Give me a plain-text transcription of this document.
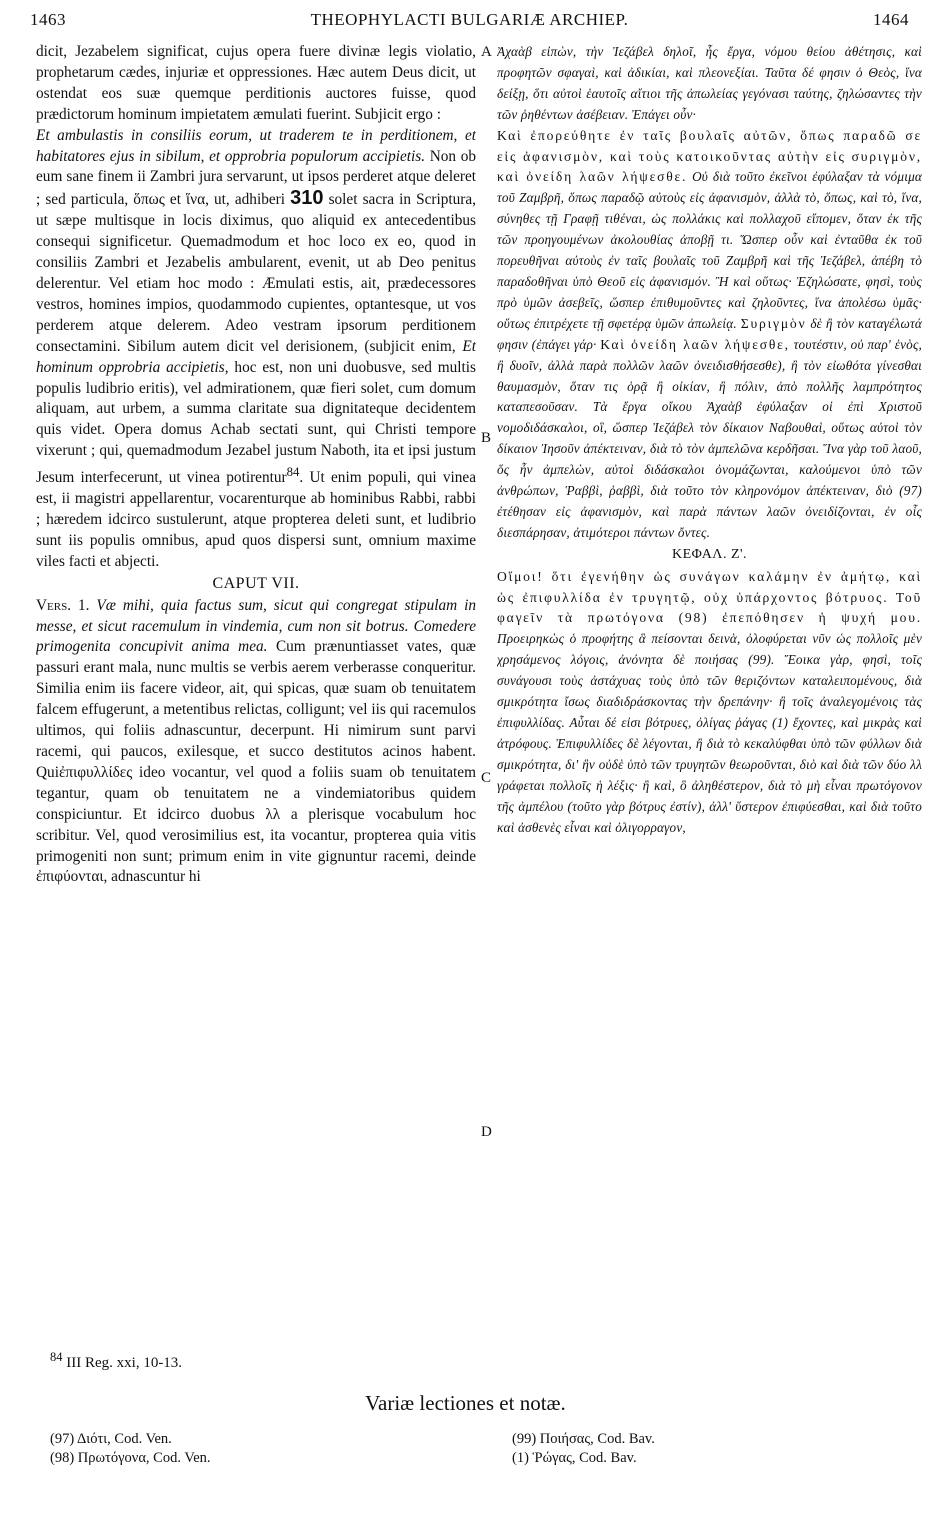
1463	THEOPHYLACTI BULGARIÆ ARCHIEP.	1464

dicit, Jezabelem significat, cujus opera fuere divinæ legis violatio, prophetarum cædes, injuriæ et oppressiones. Hæc autem Deus dicit, ut ostendat eos suæ quemque perditionis auctores fuisse, quod prædictorum hominum impietatem æmulati fuerint. Subjicit ergo :

Et ambulastis in consiliis eorum, ut traderem te in perditionem, et habitatores ejus in sibilum, et opprobria populorum accipietis. Non ob eum sane finem ii Zambri jura servarunt, ut ipsos perderet atque deleret ; sed particula, ὅπως et ἵνα, ut, adhiberi 310 solet sacra in Scriptura, ut sæpe multisque in locis diximus, quo aliquid ex antecedentibus consequi significetur. Quemadmodum et hoc loco ex eo, quod in consiliis Zambri et Jezabelis ambularent, evenit, ut ab Deo penitus delerentur. Vel etiam hoc modo : Æmulati estis, ait, prædecessores vestros, homines impios, quodammodo cupientes, optantesque, ut vos perderem atque delerem. Adeo vestram ipsorum perditionem consectamini. Sibilum autem dicit vel derisionem, (subjicit enim, Et hominum opprobria accipietis, hoc est, non uni duobusve, sed multis populis ludibrio eritis), vel admirationem, quæ fieri solet, cum domum aliquam, aut urbem, a summa claritate sua dignitateque decidentem quis videt. Opera domus Achab sectati sunt, qui Christi tempore vixerunt ; qui, quemadmodum Jezabel justum Naboth, ita et ipsi justum Jesum interfecerunt, ut vinea potirentur$^{84}$. Ut enim populi, qui vinea est, ii magistri appellarentur, vocarenturque ab hominibus Rabbi, rabbi ; hæredem idcirco sustulerunt, atque propterea deleti sunt, et ludibrio sunt iis populis omnibus, apud quos dispersi sunt, omnium maxime viles facti et abjecti.

CAPUT VII.

Vers. 1. Væ mihi, quia factus sum, sicut qui congregat stipulam in messe, et sicut racemulum in vindemia, cum non sit botrus. Comedere primogenita concupivit anima mea. Cum prænuntiasset vates, quæ passuri erant mala, nunc multis se verbis aerem verberasse conqueritur. Similia enim iis facere videor, ait, qui spicas, quæ suam ob tenuitatem falcem effugerunt, a metentibus relictas, colligunt; vel iis qui racemulos ultimos, qui foliis adnascuntur, decerpunt. Hi nimirum sunt parvi racemi, qui paucos, exilesque, et succo destitutos acinos habent. Quiἐπιφυλλίδες ideo vocantur, vel quod a foliis suam ob tenuitatem tegantur, quam ob tenuitatem ne a vindemiatoribus quidem conspiciuntur. Et idcirco duobus λλ a plerisque vocabulum hoc scribitur. Vel, quod verosimilius est, ita vocantur, propterea quia vitis primogeniti non sunt; primum enim in vite gignuntur racemi, deinde ἐπιφύονται, adnascuntur hi

A
B
C
D

Ἀχαὰβ εἰπὼν, τὴν Ἰεζάβελ δηλοῖ, ἧς ἔργα, νόμου θείου ἀθέτησις, καὶ προφητῶν σφαγαὶ, καὶ ἀδικίαι, καὶ πλεονεξίαι. Ταῦτα δέ φησιν ὁ Θεὸς, ἵνα δείξῃ, ὅτι αὐτοὶ ἑαυτοῖς αἴτιοι τῆς ἀπωλείας γεγόνασι ταύτης, ζηλώσαντες τὴν τῶν ῥηθέντων ἀσέβειαν. Ἐπάγει οὖν·

Καὶ ἐπορεύθητε ἐν ταῖς βουλαῖς αὐτῶν, ὅπως παραδῶ σε εἰς ἀφανισμὸν, καὶ τοὺς κατοικοῦντας αὐτὴν εἰς συριγμὸν, καὶ ὀνείδη λαῶν λήψεσθε. Οὐ διὰ τοῦτο ἐκεῖνοι ἐφύλαξαν τὰ νόμιμα τοῦ Ζαμβρῆ, ὅπως παραδῷ αὐτοὺς εἰς ἀφανισμὸν, ἀλλὰ τὸ, ὅπως, καὶ τὸ, ἵνα, σύνηθες τῇ Γραφῇ τιθέναι, ὡς πολλάκις καὶ πολλαχοῦ εἴπομεν, ὅταν ἐκ τῆς τῶν προηγουμένων ἀκολουθίας ἀποβῇ τι. Ὥσπερ οὖν καὶ ἐνταῦθα ἐκ τοῦ πορευθῆναι αὐτοὺς ἐν ταῖς βουλαῖς τοῦ Ζαμβρῆ καὶ τῆς Ἰεζάβελ, ἀπέβη τὸ παραδοθῆναι ὑπὸ Θεοῦ εἰς ἀφανισμόν. Ἢ καὶ οὕτως· Ἐζηλώσατε, φησὶ, τοὺς πρὸ ὑμῶν ἀσεβεῖς, ὥσπερ ἐπιθυμοῦντες καὶ ζηλοῦντες, ἵνα ἀπολέσω ὑμᾶς· οὕτως ἐπιτρέχετε τῇ σφετέρᾳ ὑμῶν ἀπωλείᾳ. Συριγμὸν δὲ ἢ τὸν καταγέλωτά φησιν (ἐπάγει γάρ· Καὶ ὀνείδη λαῶν λήψεσθε, τουτέστιν, οὐ παρ' ἑνὸς, ἢ δυοῖν, ἀλλὰ παρὰ πολλῶν λαῶν ὀνειδισθήσεσθε), ἢ τὸν εἰωθότα γίνεσθαι θαυμασμὸν, ὅταν τις ὁρᾷ ἢ οἰκίαν, ἢ πόλιν, ἀπὸ πολλῆς λαμπρότητος καταπεσοῦσαν. Τὰ ἔργα οἴκου Ἀχαὰβ ἐφύλαξαν οἱ ἐπὶ Χριστοῦ νομοδιδάσκαλοι, οἳ, ὥσπερ Ἰεζάβελ τὸν δίκαιον Ναβουθαὶ, οὕτως αὐτοὶ τὸν δίκαιον Ἰησοῦν ἀπέκτειναν, διὰ τὸ τὸν ἀμπελῶνα κερδῆσαι. Ἵνα γὰρ τοῦ λαοῦ, ὅς ἦν ἀμπελὼν, αὐτοὶ διδάσκαλοι ὀνομάζωνται, καλούμενοι ὑπὸ τῶν ἀνθρώπων, Ῥαββὶ, ῥαββὶ, διὰ τοῦτο τὸν κληρονόμον ἀπέκτειναν, διὸ (97) ἐτέθησαν εἰς ἀφανισμὸν, καὶ παρὰ πάντων λαῶν ὀνειδίζονται, ἐν οἷς διεσπάρησαν, ἀτιμότεροι πάντων ὄντες.

ΚΕΦΑΛ. Ζ'.

Οἴμοι! ὅτι ἐγενήθην ὡς συνάγων καλάμην ἐν ἀμήτῳ, καὶ ὡς ἐπιφυλλίδα ἐν τρυγητῷ, οὐχ ὑπάρχοντος βότρυος. Τοῦ φαγεῖν τὰ πρωτόγονα (98) ἐπεπόθησεν ἡ ψυχή μου. Προειρηκὼς ὁ προφήτης ἃ πείσονται δεινὰ, ὀλοφύρεται νῦν ὡς πολλοῖς μὲν χρησάμενος λόγοις, ἀνόνητα δὲ ποιήσας (99). Ἔοικα γὰρ, φησὶ, τοῖς συνάγουσι τοὺς ἀστάχυας τοὺς ὑπὸ τῶν θεριζόντων καταλειπομένους, διὰ σμικρότητα ἴσως διαδιδράσκοντας τὴν δρεπάνην· ἢ τοῖς ἀναλεγομένοις τὰς ἐπιφυλλίδας. Αὗται δέ εἰσι βότρυες, ὀλίγας ῥάγας (1) ἔχοντες, καὶ μικρὰς καὶ ἀτρόφους. Ἐπιφυλλίδες δὲ λέγονται, ἢ διὰ τὸ κεκαλύφθαι ὑπὸ τῶν φύλλων διὰ σμικρότητα, δι' ἣν οὐδὲ ὑπὸ τῶν τρυγητῶν θεωροῦνται, διὸ καὶ διὰ τῶν δύο λλ γράφεται πολλοῖς ἡ λέξις· ἢ καὶ, ὃ ἀληθέστερον, διὰ τὸ μὴ εἶναι πρωτόγονον τῆς ἀμπέλου (τοῦτο γὰρ βότρυς ἐστίν), ἀλλ' ὕστερον ἐπιφύεσθαι, καὶ διὰ τοῦτο καὶ ἀσθενὲς εἶναι καὶ ὀλιγορραγον,

$^{84}$ III Reg. xxi, 10-13.
Variæ lectiones et notæ.
(97) Διότι, Cod. Ven.
(98) Πρωτόγονα, Cod. Ven.
(99) Ποιήσας, Cod. Bav.
(1) Ῥώγας, Cod. Bav.
